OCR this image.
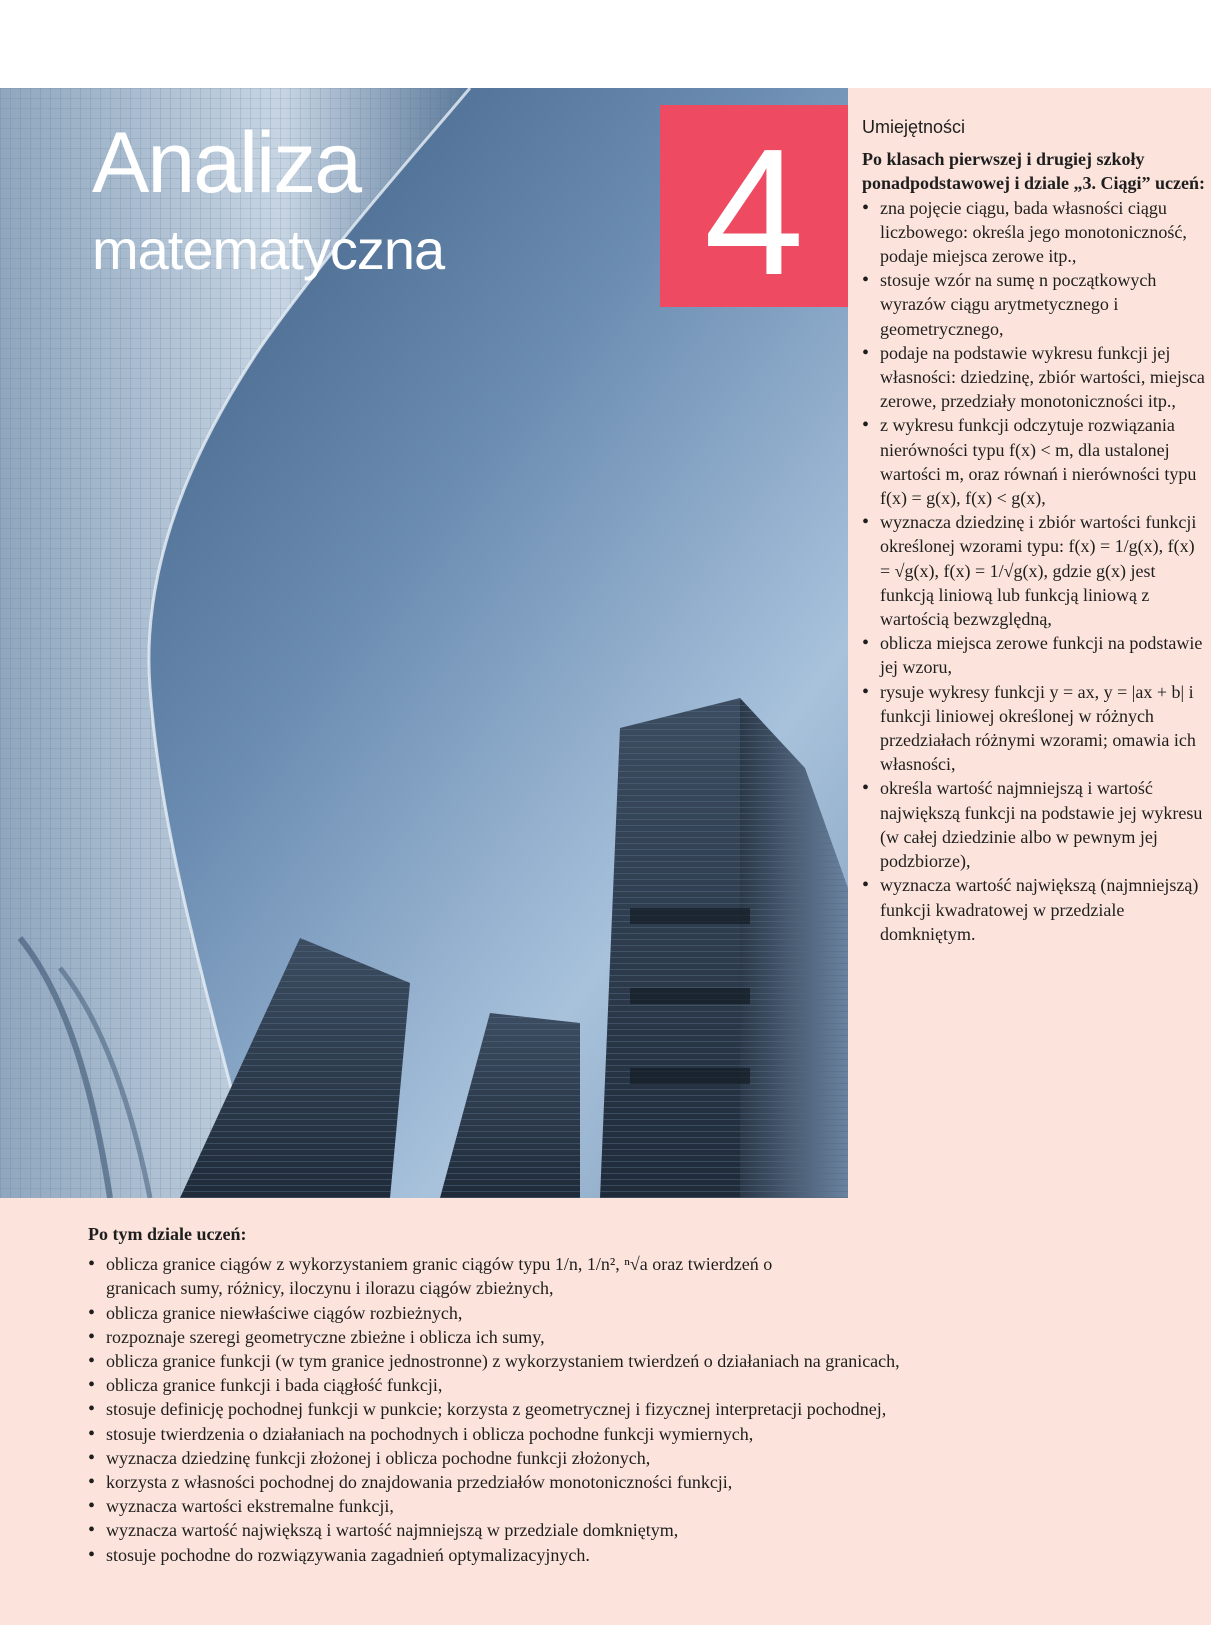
Analiza
matematyczna 4	Umiejętności
Po klasach pierwszej i drugiej szkoły ponadpodstawowej i dziale „3. Ciągi” uczeń:
• zna pojęcie ciągu, bada własności ciągu liczbowego: określa jego monotoniczność, podaje miejsca zerowe itp.,
• stosuje wzór na sumę n początkowych wyrazów ciągu arytmetycznego i geometrycznego,
• podaje na podstawie wykresu funkcji jej własności: dziedzinę, zbiór wartości, miejsca zerowe, przedziały monotoniczności itp.,
• z wykresu funkcji odczytuje rozwiązania nierówności typu f(x) < m, dla ustalonej wartości m, oraz równań i nierówności typu f(x) = g(x), f(x) < g(x),
• wyznacza dziedzinę i zbiór wartości funkcji określonej wzorami typu: f(x) = 1/g(x), f(x) = √g(x), f(x) = 1/√g(x), gdzie g(x) jest funkcją liniową lub funkcją liniową z wartością bezwzględną,
• oblicza miejsca zerowe funkcji na podstawie jej wzoru,
• rysuje wykresy funkcji y = ax, y = |ax + b| i funkcji liniowej określonej w różnych przedziałach różnymi wzorami; omawia ich własności,
• określa wartość najmniejszą i wartość największą funkcji na podstawie jej wykresu (w całej dziedzinie albo w pewnym jej podzbiorze),
• wyznacza wartość największą (najmniejszą) funkcji kwadratowej w przedziale domkniętym.
Po tym dziale uczeń:
• oblicza granice ciągów z wykorzystaniem granic ciągów typu 1/n, 1/n², ⁿ√a oraz twierdzeń o granicach sumy, różnicy, iloczynu i ilorazu ciągów zbieżnych,
• oblicza granice niewłaściwe ciągów rozbieżnych,
• rozpoznaje szeregi geometryczne zbieżne i oblicza ich sumy,
• oblicza granice funkcji (w tym granice jednostronne) z wykorzystaniem twierdzeń o działaniach na granicach,
• oblicza granice funkcji i bada ciągłość funkcji,
• stosuje definicję pochodnej funkcji w punkcie; korzysta z geometrycznej i fizycznej interpretacji pochodnej,
• stosuje twierdzenia o działaniach na pochodnych i oblicza pochodne funkcji wymiernych,
• wyznacza dziedzinę funkcji złożonej i oblicza pochodne funkcji złożonych,
• korzysta z własności pochodnej do znajdowania przedziałów monotoniczności funkcji,
• wyznacza wartości ekstremalne funkcji,
• wyznacza wartość największą i wartość najmniejszą w przedziale domkniętym,
• stosuje pochodne do rozwiązywania zagadnień optymalizacyjnych.
